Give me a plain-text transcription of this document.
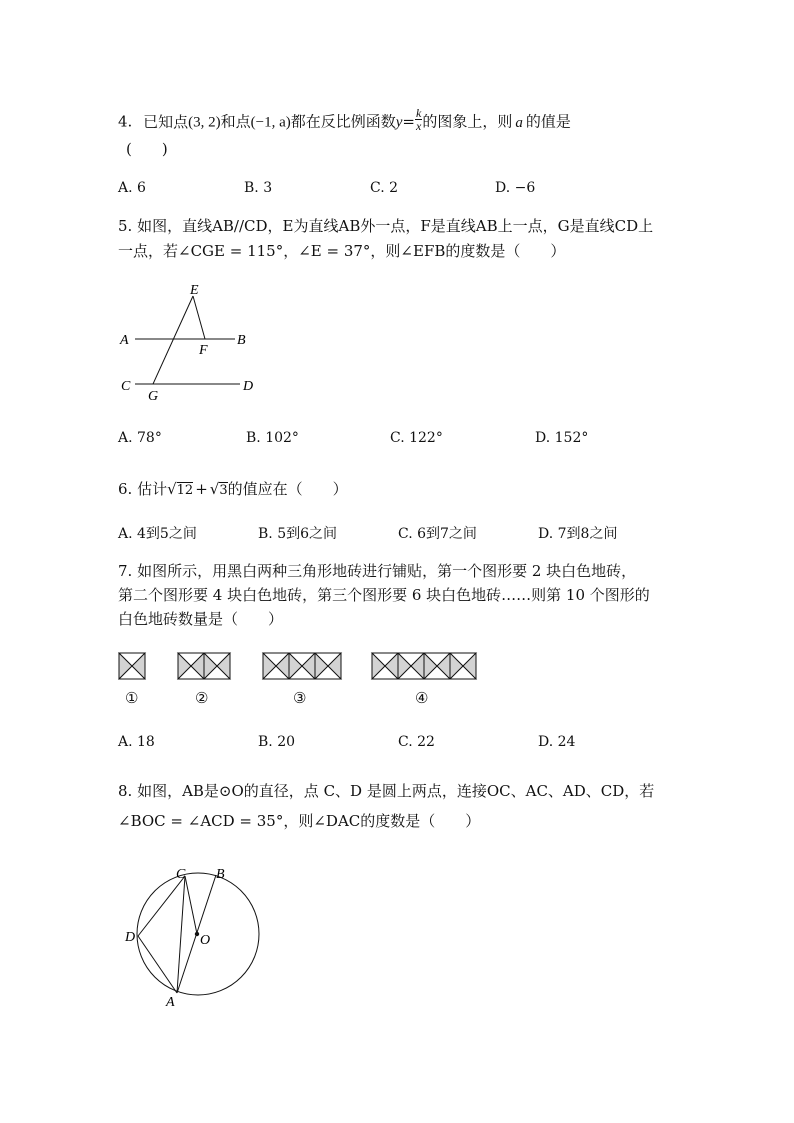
4. 已知点(3, 2)和点(−1, a)都在反比例函数$y= \frac{k}{x}$ 的图象上，则 a 的值是
(　　)
A. 6	B. 3	C. 2	D. −6
5. 如图，直线AB//CD，E为直线AB外一点，F是直线AB上一点，G是直线CD上
一点，若∠CGE = 115°，∠E = 37°，则∠EFB的度数是（　　）
E
A	B
F
C	D
G
A. 78°	B. 102°	C. 122°	D. 152°
6. 估计√12 + √3的值应在（　　）
A. 4到5之间	B. 5到6之间	C. 6到7之间	D. 7到8之间
7. 如图所示，用黑白两种三角形地砖进行铺贴，第一个图形要 2 块白色地砖，
第二个图形要 4 块白色地砖，第三个图形要 6 块白色地砖……则第 10 个图形的
白色地砖数量是（　　）
①	②	③	④
A. 18	B. 20	C. 22	D. 24
8. 如图，AB是⊙O的直径，点 C、D 是圆上两点，连接OC、AC、AD、CD，若
∠BOC = ∠ACD = 35°，则∠DAC的度数是（　　）
C B
D	O
A
